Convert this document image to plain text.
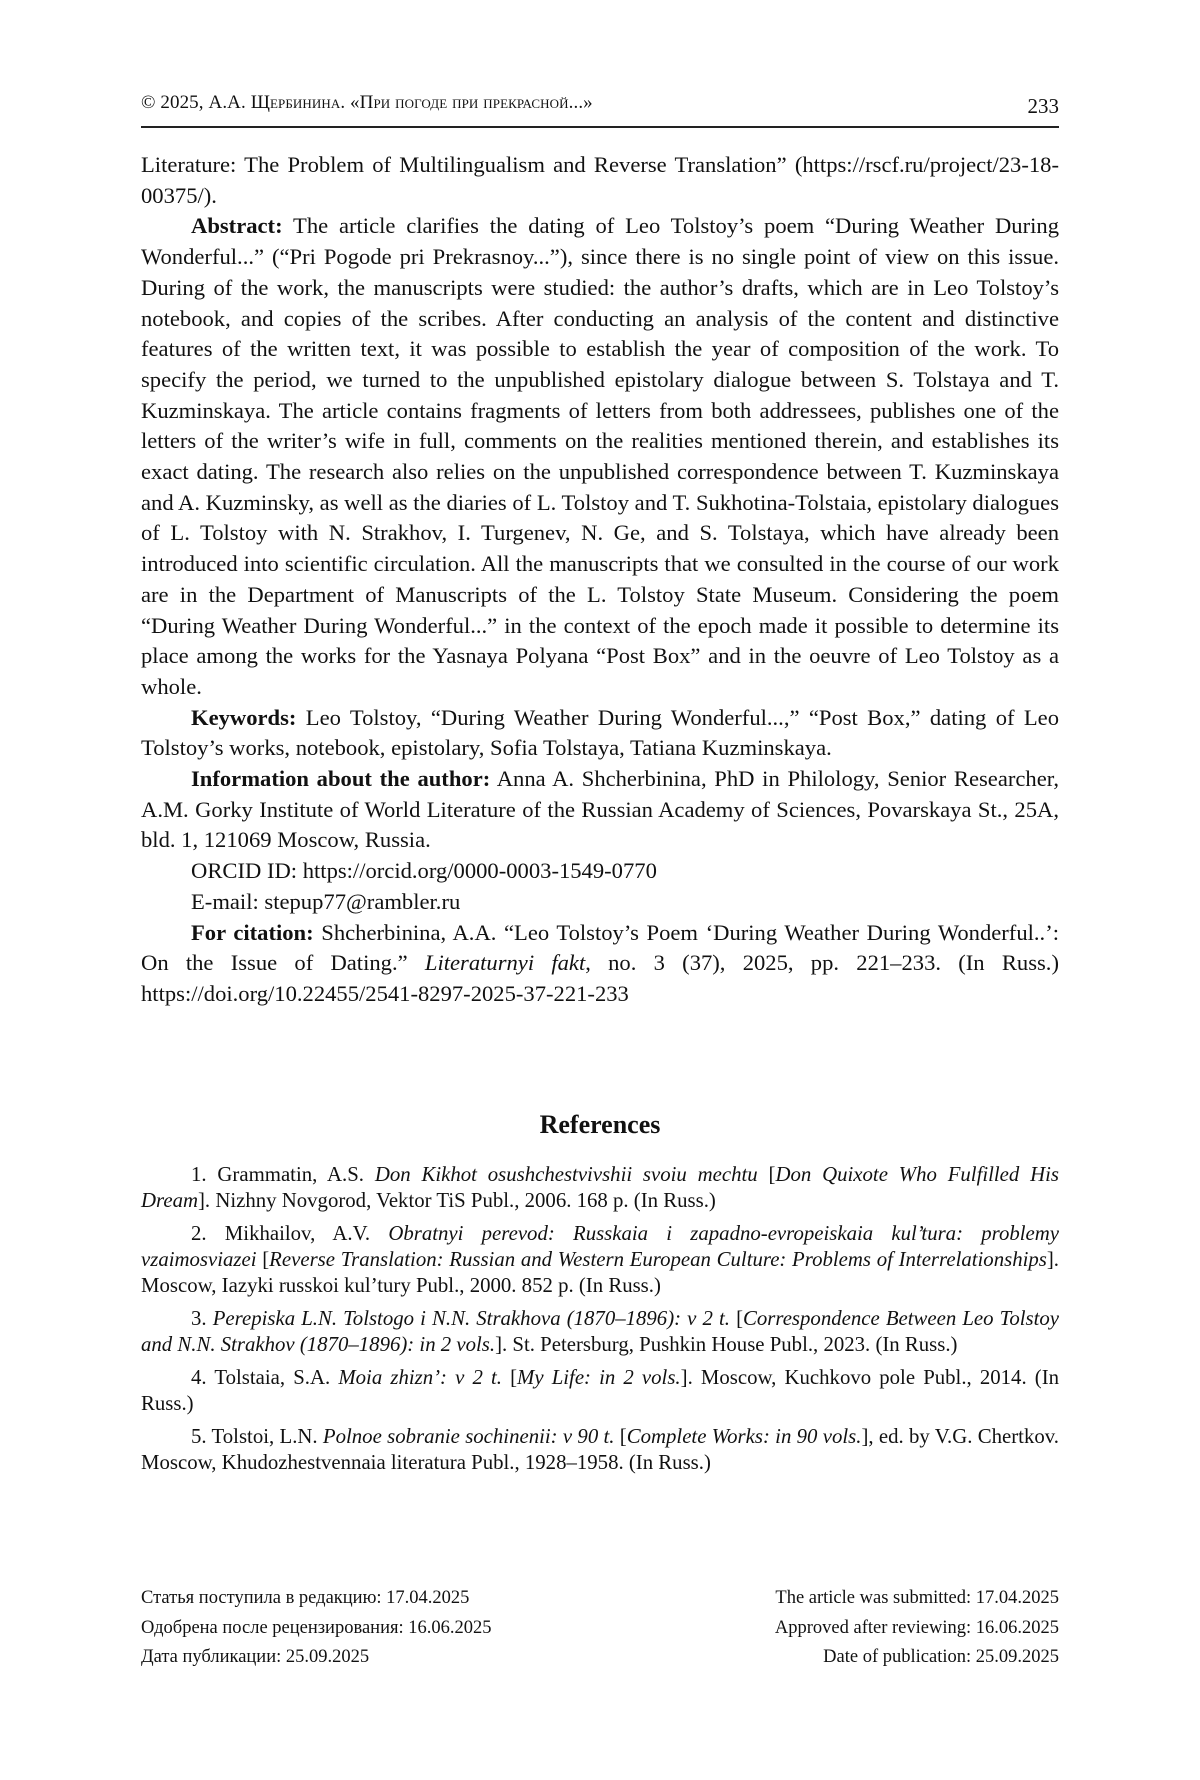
© 2025, А.А. Щербинина. «При погоде при прекрасной...»	233

Literature: The Problem of Multilingualism and Reverse Translation” (https://rscf.ru/project/23-18-00375/).

Abstract: The article clarifies the dating of Leo Tolstoy’s poem “During Weather During Wonderful...” (“Pri Pogode pri Prekrasnoy...”), since there is no single point of view on this issue. During of the work, the manuscripts were studied: the author’s drafts, which are in Leo Tolstoy’s notebook, and copies of the scribes. After conducting an analysis of the content and distinctive features of the written text, it was possible to establish the year of composition of the work. To specify the period, we turned to the unpublished epistolary dialogue between S. Tolstaya and T. Kuzminskaya. The article contains fragments of letters from both addressees, publishes one of the letters of the writer’s wife in full, comments on the realities mentioned therein, and establishes its exact dating. The research also relies on the unpublished correspondence between T. Kuzminskaya and A. Kuzminsky, as well as the diaries of L. Tolstoy and T. Sukhotina-Tolstaia, epistolary dialogues of L. Tolstoy with N. Strakhov, I. Turgenev, N. Ge, and S. Tolstaya, which have already been introduced into scientific circulation. All the manuscripts that we consulted in the course of our work are in the Department of Manuscripts of the L. Tolstoy State Museum. Considering the poem “During Weather During Wonderful...” in the context of the epoch made it possible to determine its place among the works for the Yasnaya Polyana “Post Box” and in the oeuvre of Leo Tolstoy as a whole.

Keywords: Leo Tolstoy, “During Weather During Wonderful...,” “Post Box,” dating of Leo Tolstoy’s works, notebook, epistolary, Sofia Tolstaya, Tatiana Kuzminskaya.

Information about the author: Anna A. Shcherbinina, PhD in Philology, Senior Researcher, A.M. Gorky Institute of World Literature of the Russian Academy of Sciences, Povarskaya St., 25A, bld. 1, 121069 Moscow, Russia.

ORCID ID: https://orcid.org/0000-0003-1549-0770

E-mail: stepup77@rambler.ru

For citation: Shcherbinina, A.A. “Leo Tolstoy’s Poem ‘During Weather During Wonderful..’: On the Issue of Dating.” Literaturnyi fakt, no. 3 (37), 2025, pp. 221–233. (In Russ.) https://doi.org/10.22455/2541-8297-2025-37-221-233

References

1. Grammatin, A.S. Don Kikhot osushchestvivshii svoiu mechtu [Don Quixote Who Fulfilled His Dream]. Nizhny Novgorod, Vektor TiS Publ., 2006. 168 p. (In Russ.)

2. Mikhailov, A.V. Obratnyi perevod: Russkaia i zapadno-evropeiskaia kul’tura: problemy vzaimosviazei [Reverse Translation: Russian and Western European Culture: Problems of Interrelationships]. Moscow, Iazyki russkoi kul’tury Publ., 2000. 852 p. (In Russ.)

3. Perepiska L.N. Tolstogo i N.N. Strakhova (1870–1896): v 2 t. [Correspondence Between Leo Tolstoy and N.N. Strakhov (1870–1896): in 2 vols.]. St. Petersburg, Pushkin House Publ., 2023. (In Russ.)

4. Tolstaia, S.A. Moia zhizn’: v 2 t. [My Life: in 2 vols.]. Moscow, Kuchkovo pole Publ., 2014. (In Russ.)

5. Tolstoi, L.N. Polnoe sobranie sochinenii: v 90 t. [Complete Works: in 90 vols.], ed. by V.G. Chertkov. Moscow, Khudozhestvennaia literatura Publ., 1928–1958. (In Russ.)

Статья поступила в редакцию: 17.04.2025
Одобрена после рецензирования: 16.06.2025
Дата публикации: 25.09.2025
The article was submitted: 17.04.2025
Approved after reviewing: 16.06.2025
Date of publication: 25.09.2025
